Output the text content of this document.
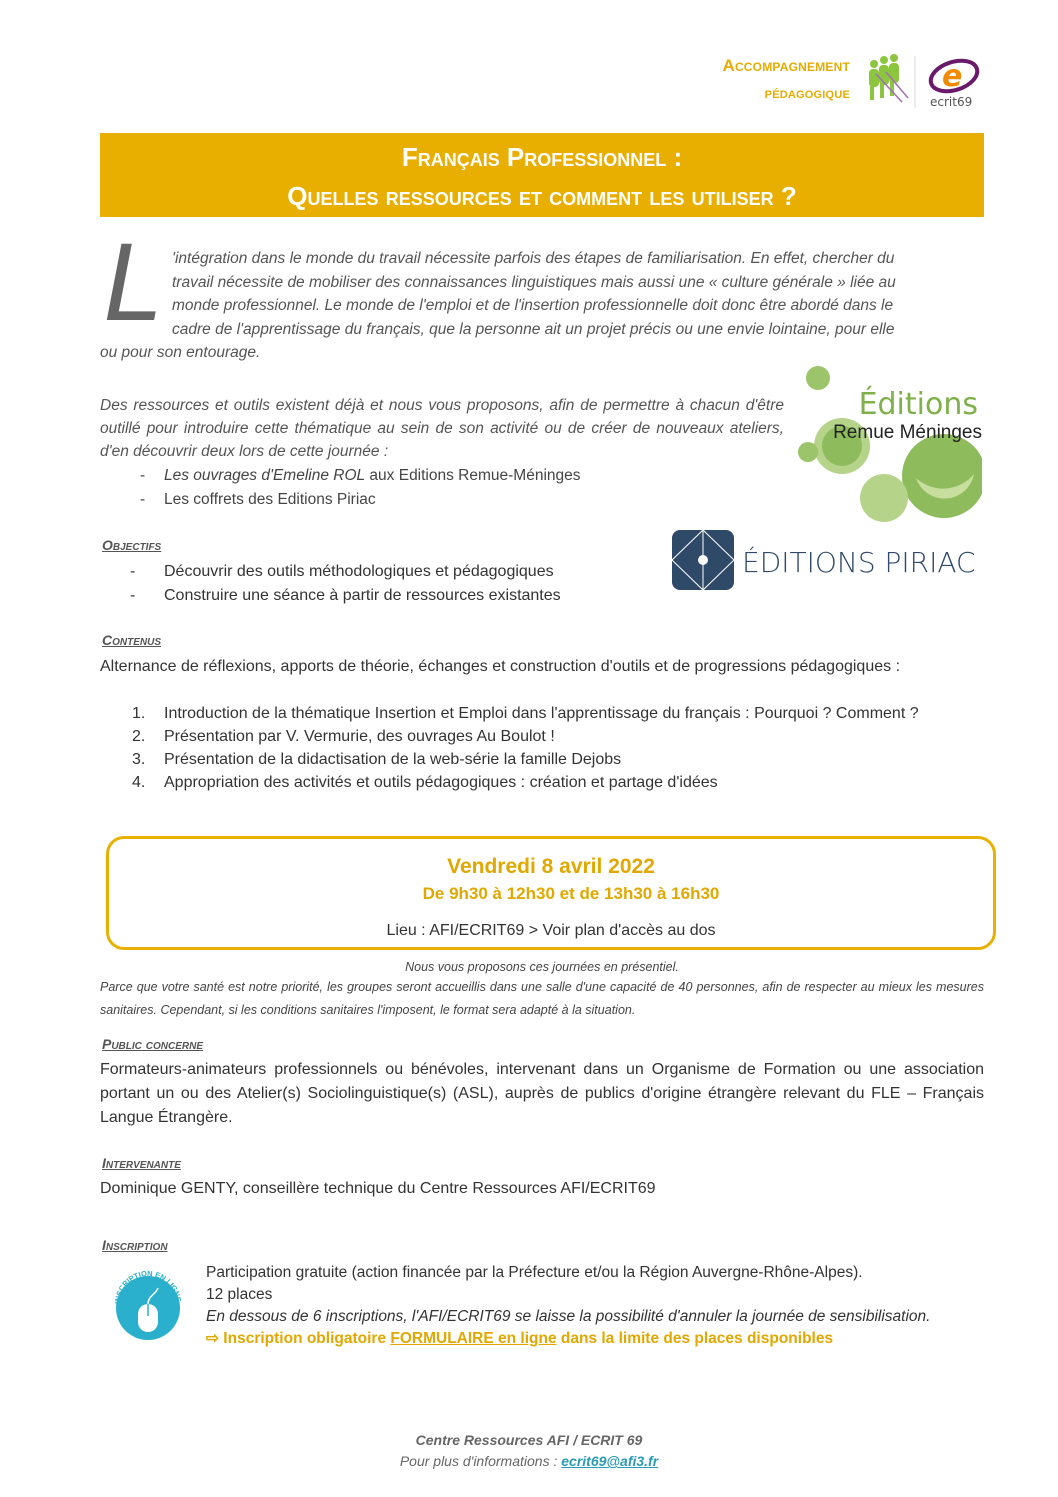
Accompagnement
pédagogique	e
ecrit69
Français Professionnel :
Quelles ressources et comment les utiliser ?
L 'intégration dans le monde du travail nécessite parfois des étapes de familiarisation. En effet, chercher du
travail nécessite de mobiliser des connaissances linguistiques mais aussi une « culture générale » liée au
monde professionnel. Le monde de l'emploi et de l'insertion professionnelle doit donc être abordé dans le
cadre de l'apprentissage du français, que la personne ait un projet précis ou une envie lointaine, pour elle
ou pour son entourage.
Des ressources et outils existent déjà et nous vous proposons, afin de permettre à chacun d'être outillé pour introduire cette thématique au sein de son activité ou de créer de nouveaux ateliers, d'en découvrir deux lors de cette journée :
- Les ouvrages d'Emeline ROL aux Editions Remue-Méninges
- Les coffrets des Editions Piriac
Éditions
Remue Méninges
ÉDITIONS PIRIAC
Objectifs
- Découvrir des outils méthodologiques et pédagogiques
- Construire une séance à partir de ressources existantes
Contenus
Alternance de réflexions, apports de théorie, échanges et construction d'outils et de progressions pédagogiques :
1.	Introduction de la thématique Insertion et Emploi dans l'apprentissage du français : Pourquoi ? Comment ?
2.	Présentation par V. Vermurie, des ouvrages Au Boulot !
3.	Présentation de la didactisation de la web-série la famille Dejobs
4.	Appropriation des activités et outils pédagogiques : création et partage d'idées
Vendredi 8 avril 2022
De 9h30 à 12h30 et de 13h30 à 16h30
Lieu : AFI/ECRIT69 > Voir plan d'accès au dos
Nous vous proposons ces journées en présentiel.
Parce que votre santé est notre priorité, les groupes seront accueillis dans une salle d'une capacité de 40 personnes, afin de respecter au mieux les mesures sanitaires. Cependant, si les conditions sanitaires l'imposent, le format sera adapté à la situation.
Public concerne
Formateurs-animateurs professionnels ou bénévoles, intervenant dans un Organisme de Formation ou une association portant un ou des Atelier(s) Sociolinguistique(s) (ASL), auprès de publics d'origine étrangère relevant du FLE – Français Langue Étrangère.
Intervenante
Dominique GENTY, conseillère technique du Centre Ressources AFI/ECRIT69
Inscription
INSCRIPTION EN LIGNE
Participation gratuite (action financée par la Préfecture et/ou la Région Auvergne-Rhône-Alpes).
12 places
En dessous de 6 inscriptions, l'AFI/ECRIT69 se laisse la possibilité d'annuler la journée de sensibilisation.
⇨ Inscription obligatoire FORMULAIRE en ligne dans la limite des places disponibles
Centre Ressources AFI / ECRIT 69
Pour plus d'informations : ecrit69@afi3.fr
